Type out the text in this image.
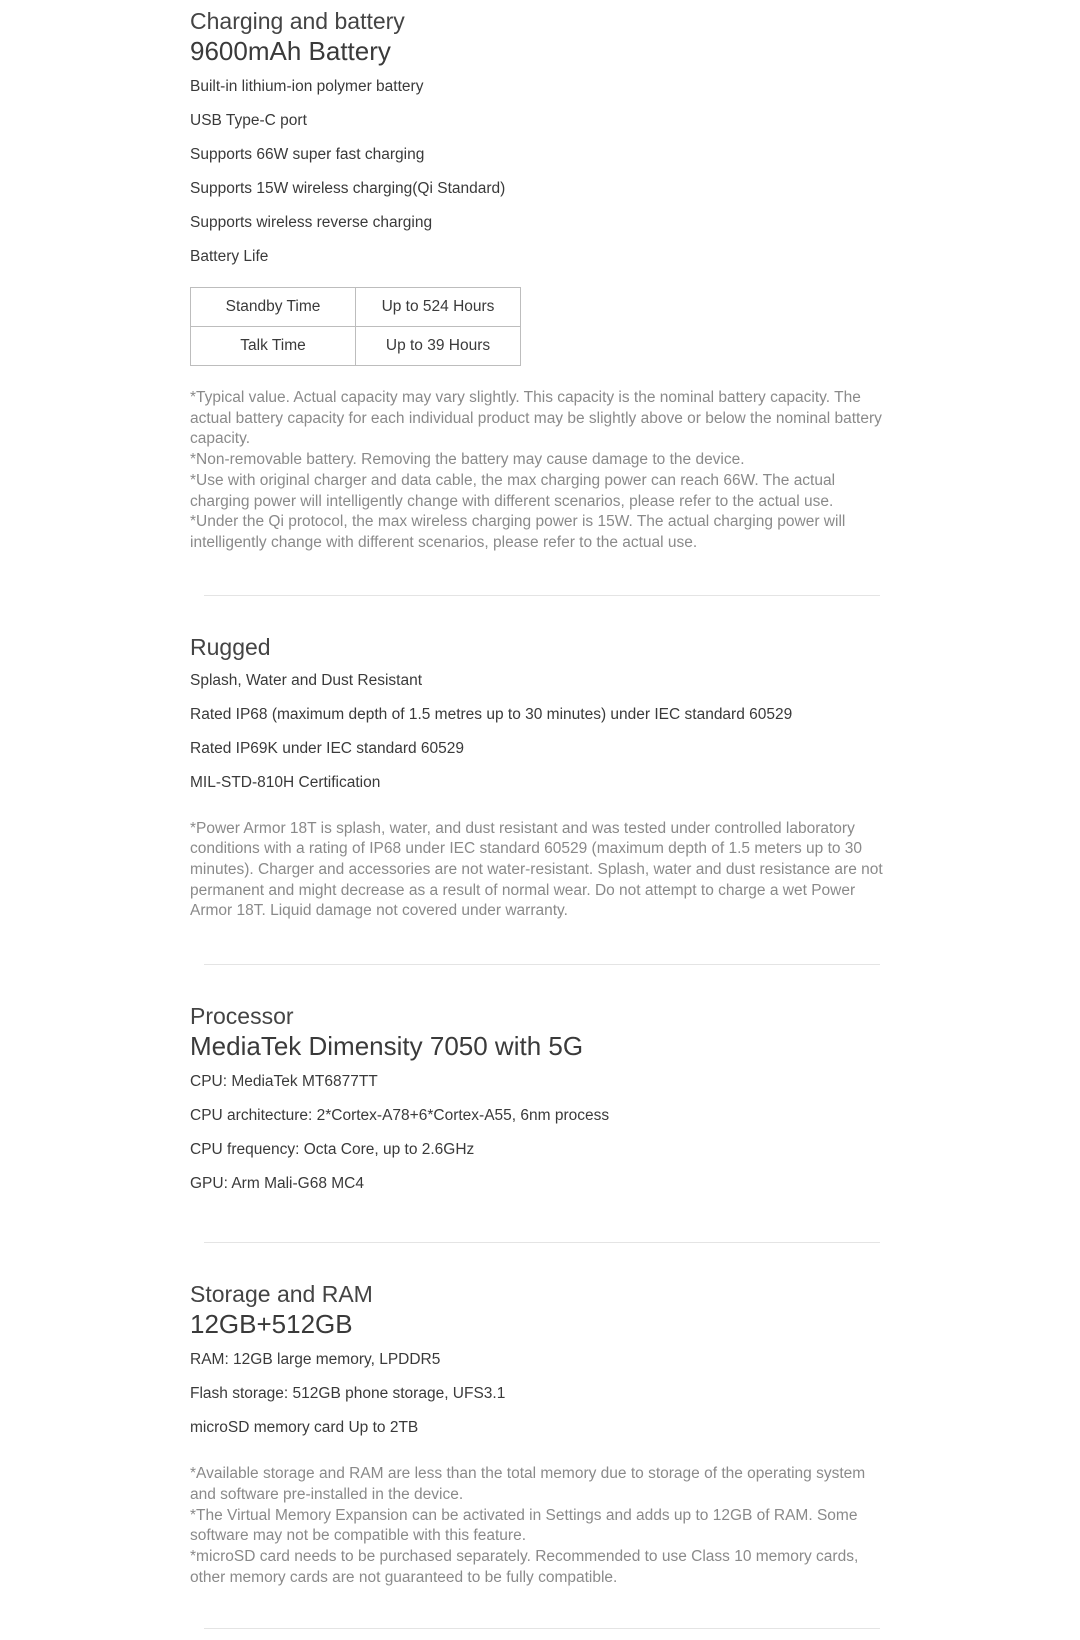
Charging and battery
9600mAh Battery
Built-in lithium-ion polymer battery
USB Type-C port
Supports 66W super fast charging
Supports 15W wireless charging(Qi Standard)
Supports wireless reverse charging
Battery Life
Standby Time	Up to 524 Hours
Talk Time	Up to 39 Hours

*Typical value. Actual capacity may vary slightly. This capacity is the nominal battery capacity. The actual battery capacity for each individual product may be slightly above or below the nominal battery capacity.

*Non-removable battery. Removing the battery may cause damage to the device.

*Use with original charger and data cable, the max charging power can reach 66W. The actual charging power will intelligently change with different scenarios, please refer to the actual use.

*Under the Qi protocol, the max wireless charging power is 15W. The actual charging power will intelligently change with different scenarios, please refer to the actual use.

Rugged
Splash, Water and Dust Resistant
Rated IP68 (maximum depth of 1.5 metres up to 30 minutes) under IEC standard 60529
Rated IP69K under IEC standard 60529
MIL-STD-810H Certification

*Power Armor 18T is splash, water, and dust resistant and was tested under controlled laboratory conditions with a rating of IP68 under IEC standard 60529 (maximum depth of 1.5 meters up to 30 minutes). Charger and accessories are not water-resistant. Splash, water and dust resistance are not permanent and might decrease as a result of normal wear. Do not attempt to charge a wet Power Armor 18T. Liquid damage not covered under warranty.

Processor
MediaTek Dimensity 7050 with 5G
CPU: MediaTek MT6877TT
CPU architecture: 2*Cortex-A78+6*Cortex-A55, 6nm process
CPU frequency: Octa Core, up to 2.6GHz
GPU: Arm Mali-G68 MC4
Storage and RAM
12GB+512GB
RAM: 12GB large memory, LPDDR5
Flash storage: 512GB phone storage, UFS3.1
microSD memory card Up to 2TB

*Available storage and RAM are less than the total memory due to storage of the operating system and software pre-installed in the device.

*The Virtual Memory Expansion can be activated in Settings and adds up to 12GB of RAM. Some software may not be compatible with this feature.

*microSD card needs to be purchased separately. Recommended to use Class 10 memory cards, other memory cards are not guaranteed to be fully compatible.
